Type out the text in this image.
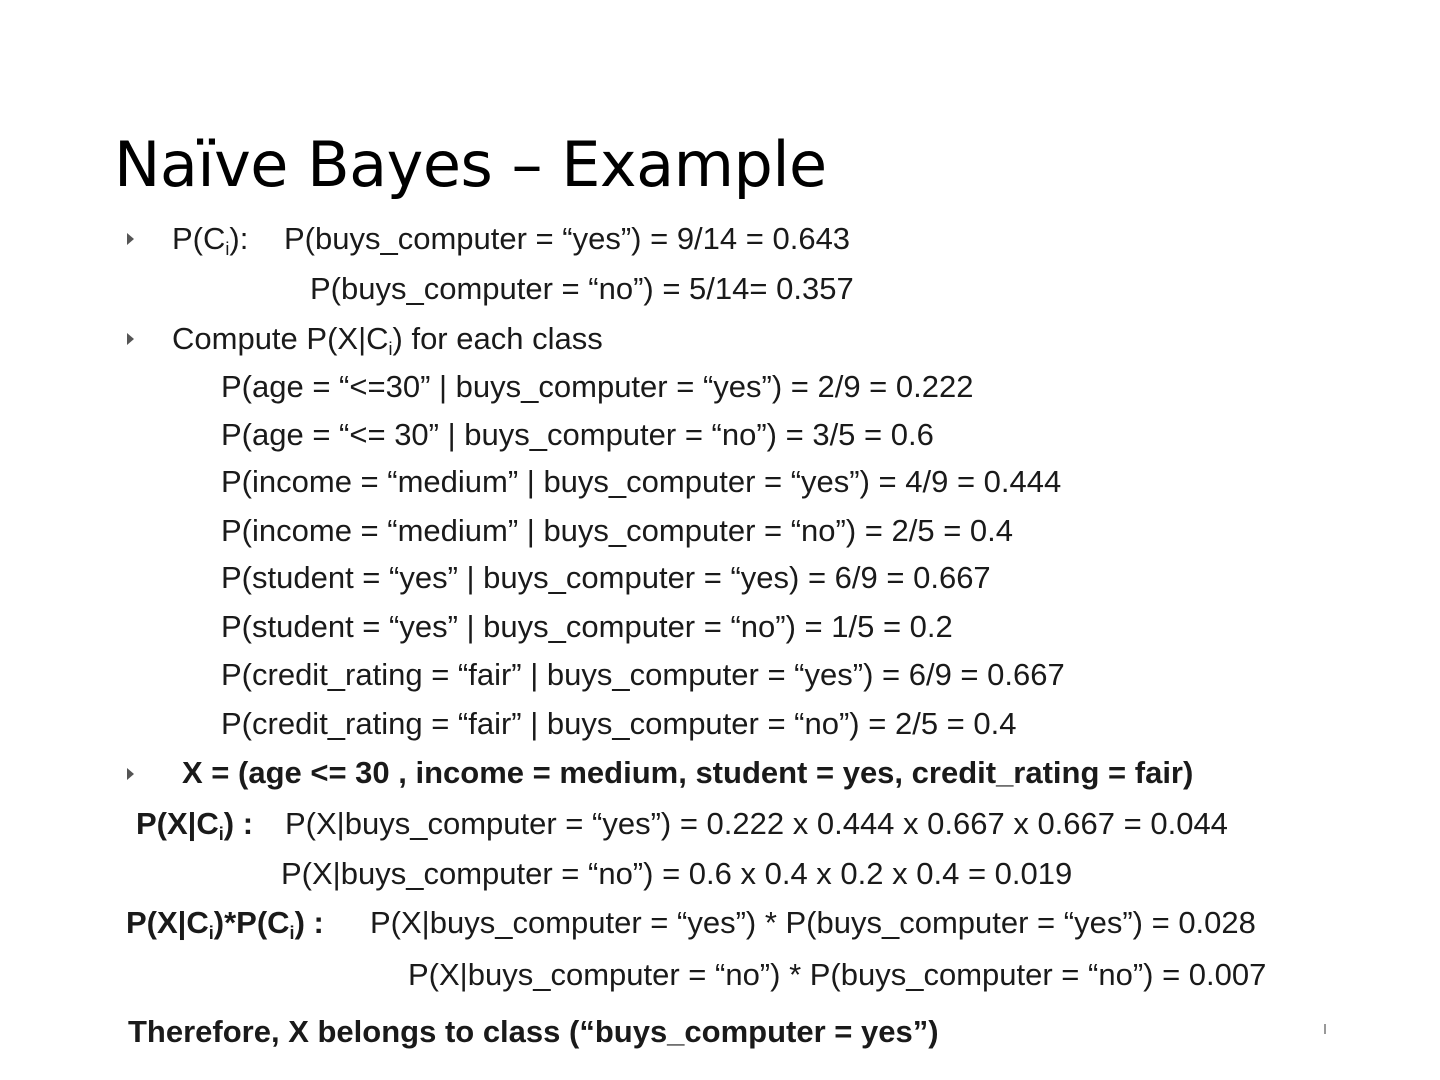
Naïve Bayes – Example
$P(C_i)$: P(buys_computer = “yes”) = 9/14 = 0.643
P(buys_computer = “no”) = 5/14= 0.357
Compute $P(X|C_i)$ for each class
P(age = “<=30” | buys_computer = “yes”) = 2/9 = 0.222
P(age = “<= 30” | buys_computer = “no”) = 3/5 = 0.6
P(income = “medium” | buys_computer = “yes”) = 4/9 = 0.444
P(income = “medium” | buys_computer = “no”) = 2/5 = 0.4
P(student = “yes” | buys_computer = “yes) = 6/9 = 0.667
P(student = “yes” | buys_computer = “no”) = 1/5 = 0.2
P(credit_rating = “fair” | buys_computer = “yes”) = 6/9 = 0.667
P(credit_rating = “fair” | buys_computer = “no”) = 2/5 = 0.4
X = (age <= 30 , income = medium, student = yes, credit_rating = fair)
$P(X|C_i)$ : P(X|buys_computer = “yes”) = 0.222 x 0.444 x 0.667 x 0.667 = 0.044
P(X|buys_computer = “no”) = 0.6 x 0.4 x 0.2 x 0.4 = 0.019
$P(X|C_i)*P(C_i)$ : P(X|buys_computer = “yes”) * P(buys_computer = “yes”) = 0.028
P(X|buys_computer = “no”) * P(buys_computer = “no”) = 0.007
Therefore, X belongs to class (“buys_computer = yes”)
